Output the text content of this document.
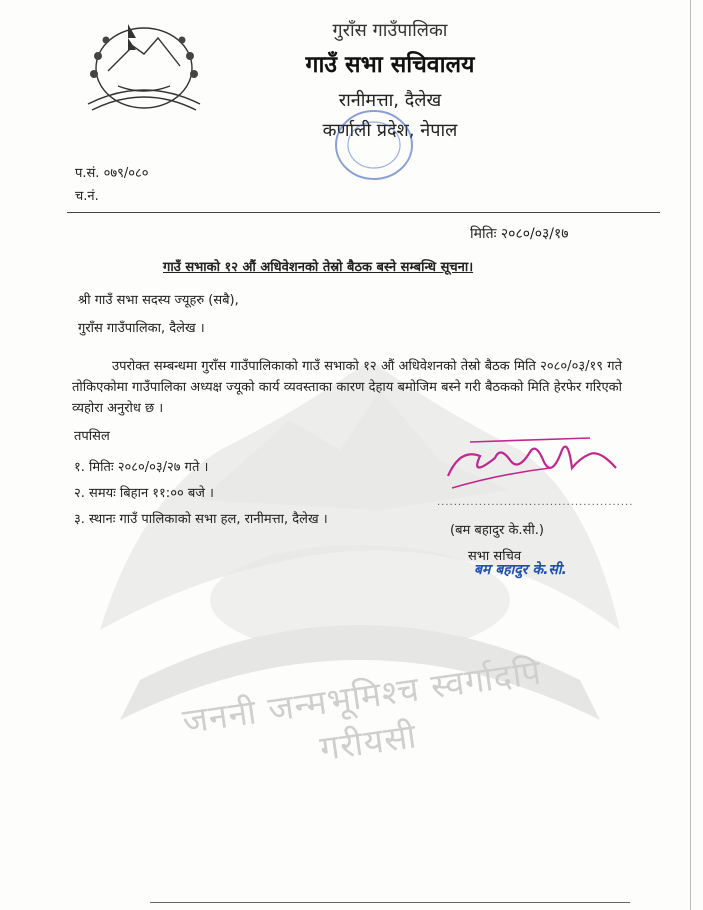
जननी जन्मभूमिश्च स्वर्गादपि गरीयसी
गुराँस गाउँपालिका
गाउँ सभा सचिवालय
रानीमत्ता, दैलेख
कर्णाली प्रदेश, नेपाल
प.सं. ०७९/०८०
च.नं.
मितिः २०८०/०३/१७
गाउँ सभाको १२ औं अधिवेशनको तेस्रो बैठक बस्ने सम्बन्धि सूचना।
श्री गाउँ सभा सदस्य ज्यूहरु (सबै),
गुराँस गाउँपालिका, दैलेख ।
उपरोक्त सम्बन्धमा गुराँस गाउँपालिकाको गाउँ सभाको १२ औं अधिवेशनको तेस्रो बैठक मिति २०८०/०३/१९ गते तोकिएकोमा गाउँपालिका अध्यक्ष ज्यूको कार्य व्यवस्ताका कारण देहाय बमोजिम बस्ने गरी बैठकको मिति हेरफेर गरिएको व्यहोरा अनुरोध छ ।
तपसिल
१. मितिः २०८०/०३/२७ गते ।
२. समयः बिहान ११:०० बजे ।
३. स्थानः गाउँ पालिकाको सभा हल, रानीमत्ता, दैलेख ।
...............................................
(बम बहादुर के.सी.)
सभा सचिव
बम बहादुर के.सी.
